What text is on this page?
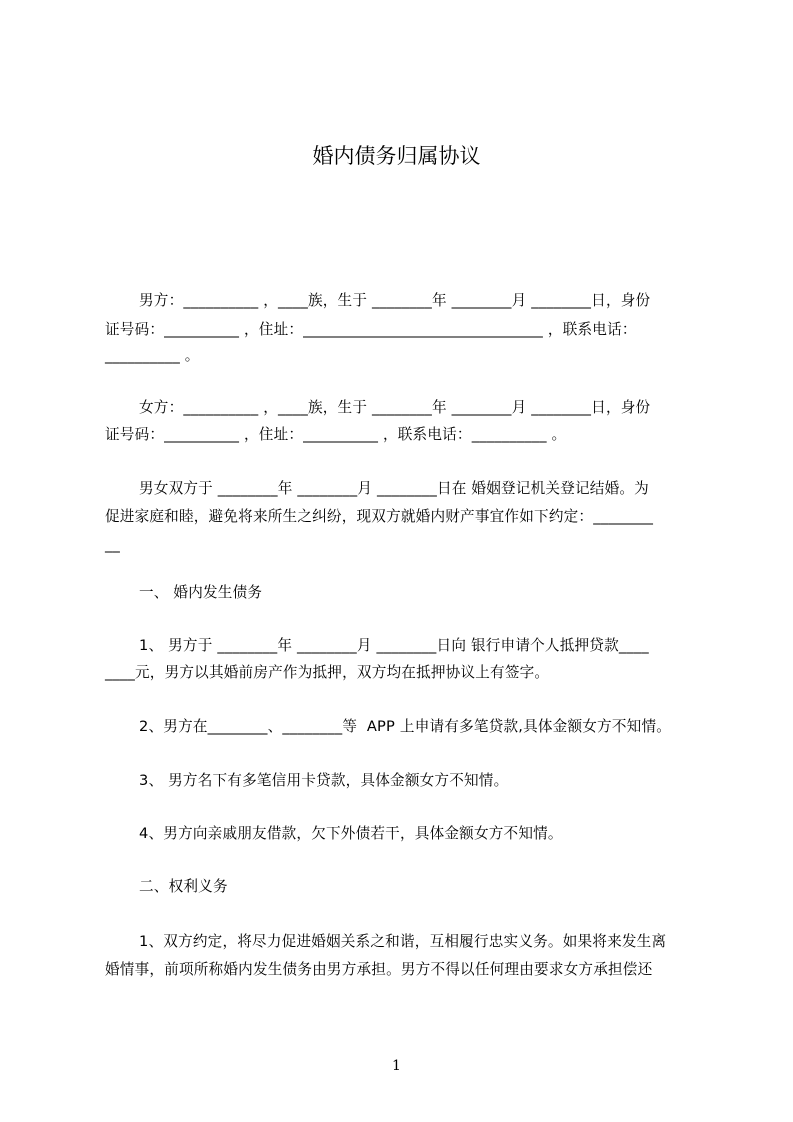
婚内债务归属协议
男方：__________ ，____族，生于 ________年 ________月 ________日，身份
证号码：__________ ，住址：________________________________ ，联系电话：
__________ 。
女方：__________ ，____族，生于 ________年 ________月 ________日，身份
证号码：__________ ，住址：__________ ，联系电话：__________ 。
男女双方于 ________年 ________月 ________日在 婚姻登记机关登记结婚。为
促进家庭和睦，避免将来所生之纠纷，现双方就婚内财产事宜作如下约定：________
__
一、 婚内发生债务
1、 男方于 ________年 ________月 ________日向 银行申请个人抵押贷款____
____元，男方以其婚前房产作为抵押，双方均在抵押协议上有签字。
2、男方在________、________等  APP 上申请有多笔贷款,具体金额女方不知情。
3、 男方名下有多笔信用卡贷款，具体金额女方不知情。
4、男方向亲戚朋友借款，欠下外债若干，具体金额女方不知情。
二、权利义务
1、双方约定，将尽力促进婚姻关系之和谐，互相履行忠实义务。如果将来发生离
婚情事，前项所称婚内发生债务由男方承担。男方不得以任何理由要求女方承担偿还
1
